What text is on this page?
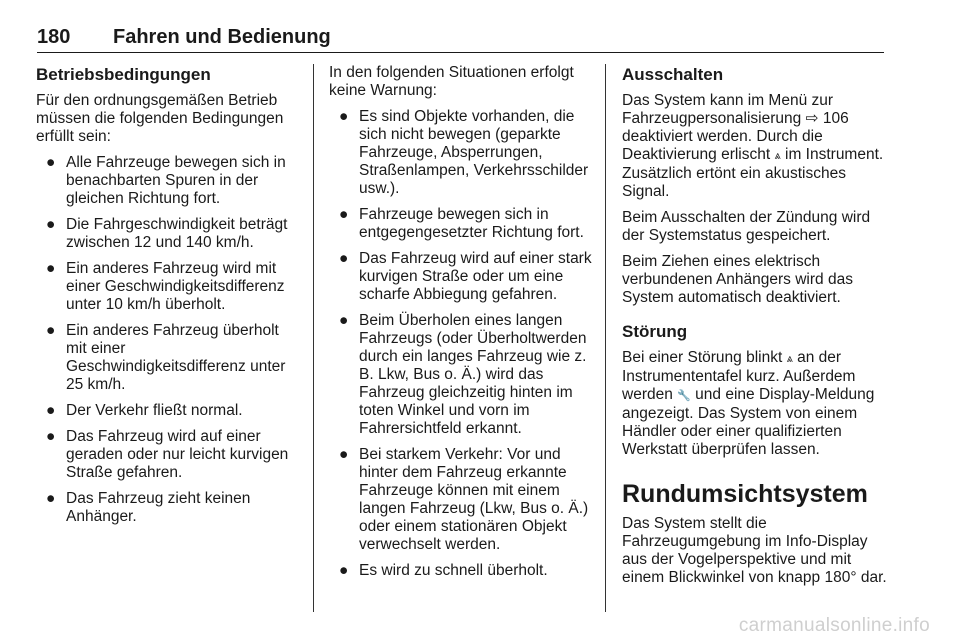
180 Fahren und Bedienung
Betriebsbedingungen

Für den ordnungsgemäßen Betrieb müssen die folgenden Bedingungen erfüllt sein:

● Alle Fahrzeuge bewegen sich in benachbarten Spuren in der gleichen Richtung fort.
● Die Fahrgeschwindigkeit beträgt zwischen 12 und 140 km/h.
● Ein anderes Fahrzeug wird mit einer Geschwindigkeitsdifferenz unter 10 km/h überholt.
● Ein anderes Fahrzeug überholt mit einer Geschwindigkeitsdifferenz unter 25 km/h.
● Der Verkehr fließt normal.
● Das Fahrzeug wird auf einer geraden oder nur leicht kurvigen Straße gefahren.
● Das Fahrzeug zieht keinen Anhänger.

In den folgenden Situationen erfolgt keine Warnung:

● Es sind Objekte vorhanden, die sich nicht bewegen (geparkte Fahrzeuge, Absperrungen, Straßenlampen, Verkehrsschilder usw.).
● Fahrzeuge bewegen sich in entgegengesetzter Richtung fort.
● Das Fahrzeug wird auf einer stark kurvigen Straße oder um eine scharfe Abbiegung gefahren.
● Beim Überholen eines langen Fahrzeugs (oder Überholtwerden durch ein langes Fahrzeug wie z. B. Lkw, Bus o. Ä.) wird das Fahrzeug gleichzeitig hinten im toten Winkel und vorn im Fahrersichtfeld erkannt.
● Bei starkem Verkehr: Vor und hinter dem Fahrzeug erkannte Fahrzeuge können mit einem langen Fahrzeug (Lkw, Bus o. Ä.) oder einem stationären Objekt verwechselt werden.
● Es wird zu schnell überholt.
Ausschalten

Das System kann im Menü zur Fahrzeugpersonalisierung ⇨ 106 deaktiviert werden. Durch die Deaktivierung erlischt ⩓ im Instrument. Zusätzlich ertönt ein akustisches Signal.

Beim Ausschalten der Zündung wird der Systemstatus gespeichert.

Beim Ziehen eines elektrisch verbundenen Anhängers wird das System automatisch deaktiviert.

Störung

Bei einer Störung blinkt ⩓ an der Instrumententafel kurz. Außerdem werden 🔧 und eine Display-Meldung angezeigt. Das System von einem Händler oder einer qualifizierten Werkstatt überprüfen lassen.

Rundumsichtsystem

Das System stellt die Fahrzeugumgebung im Info-Display aus der Vogelperspektive und mit einem Blickwinkel von knapp 180° dar.

carmanualsonline.info
